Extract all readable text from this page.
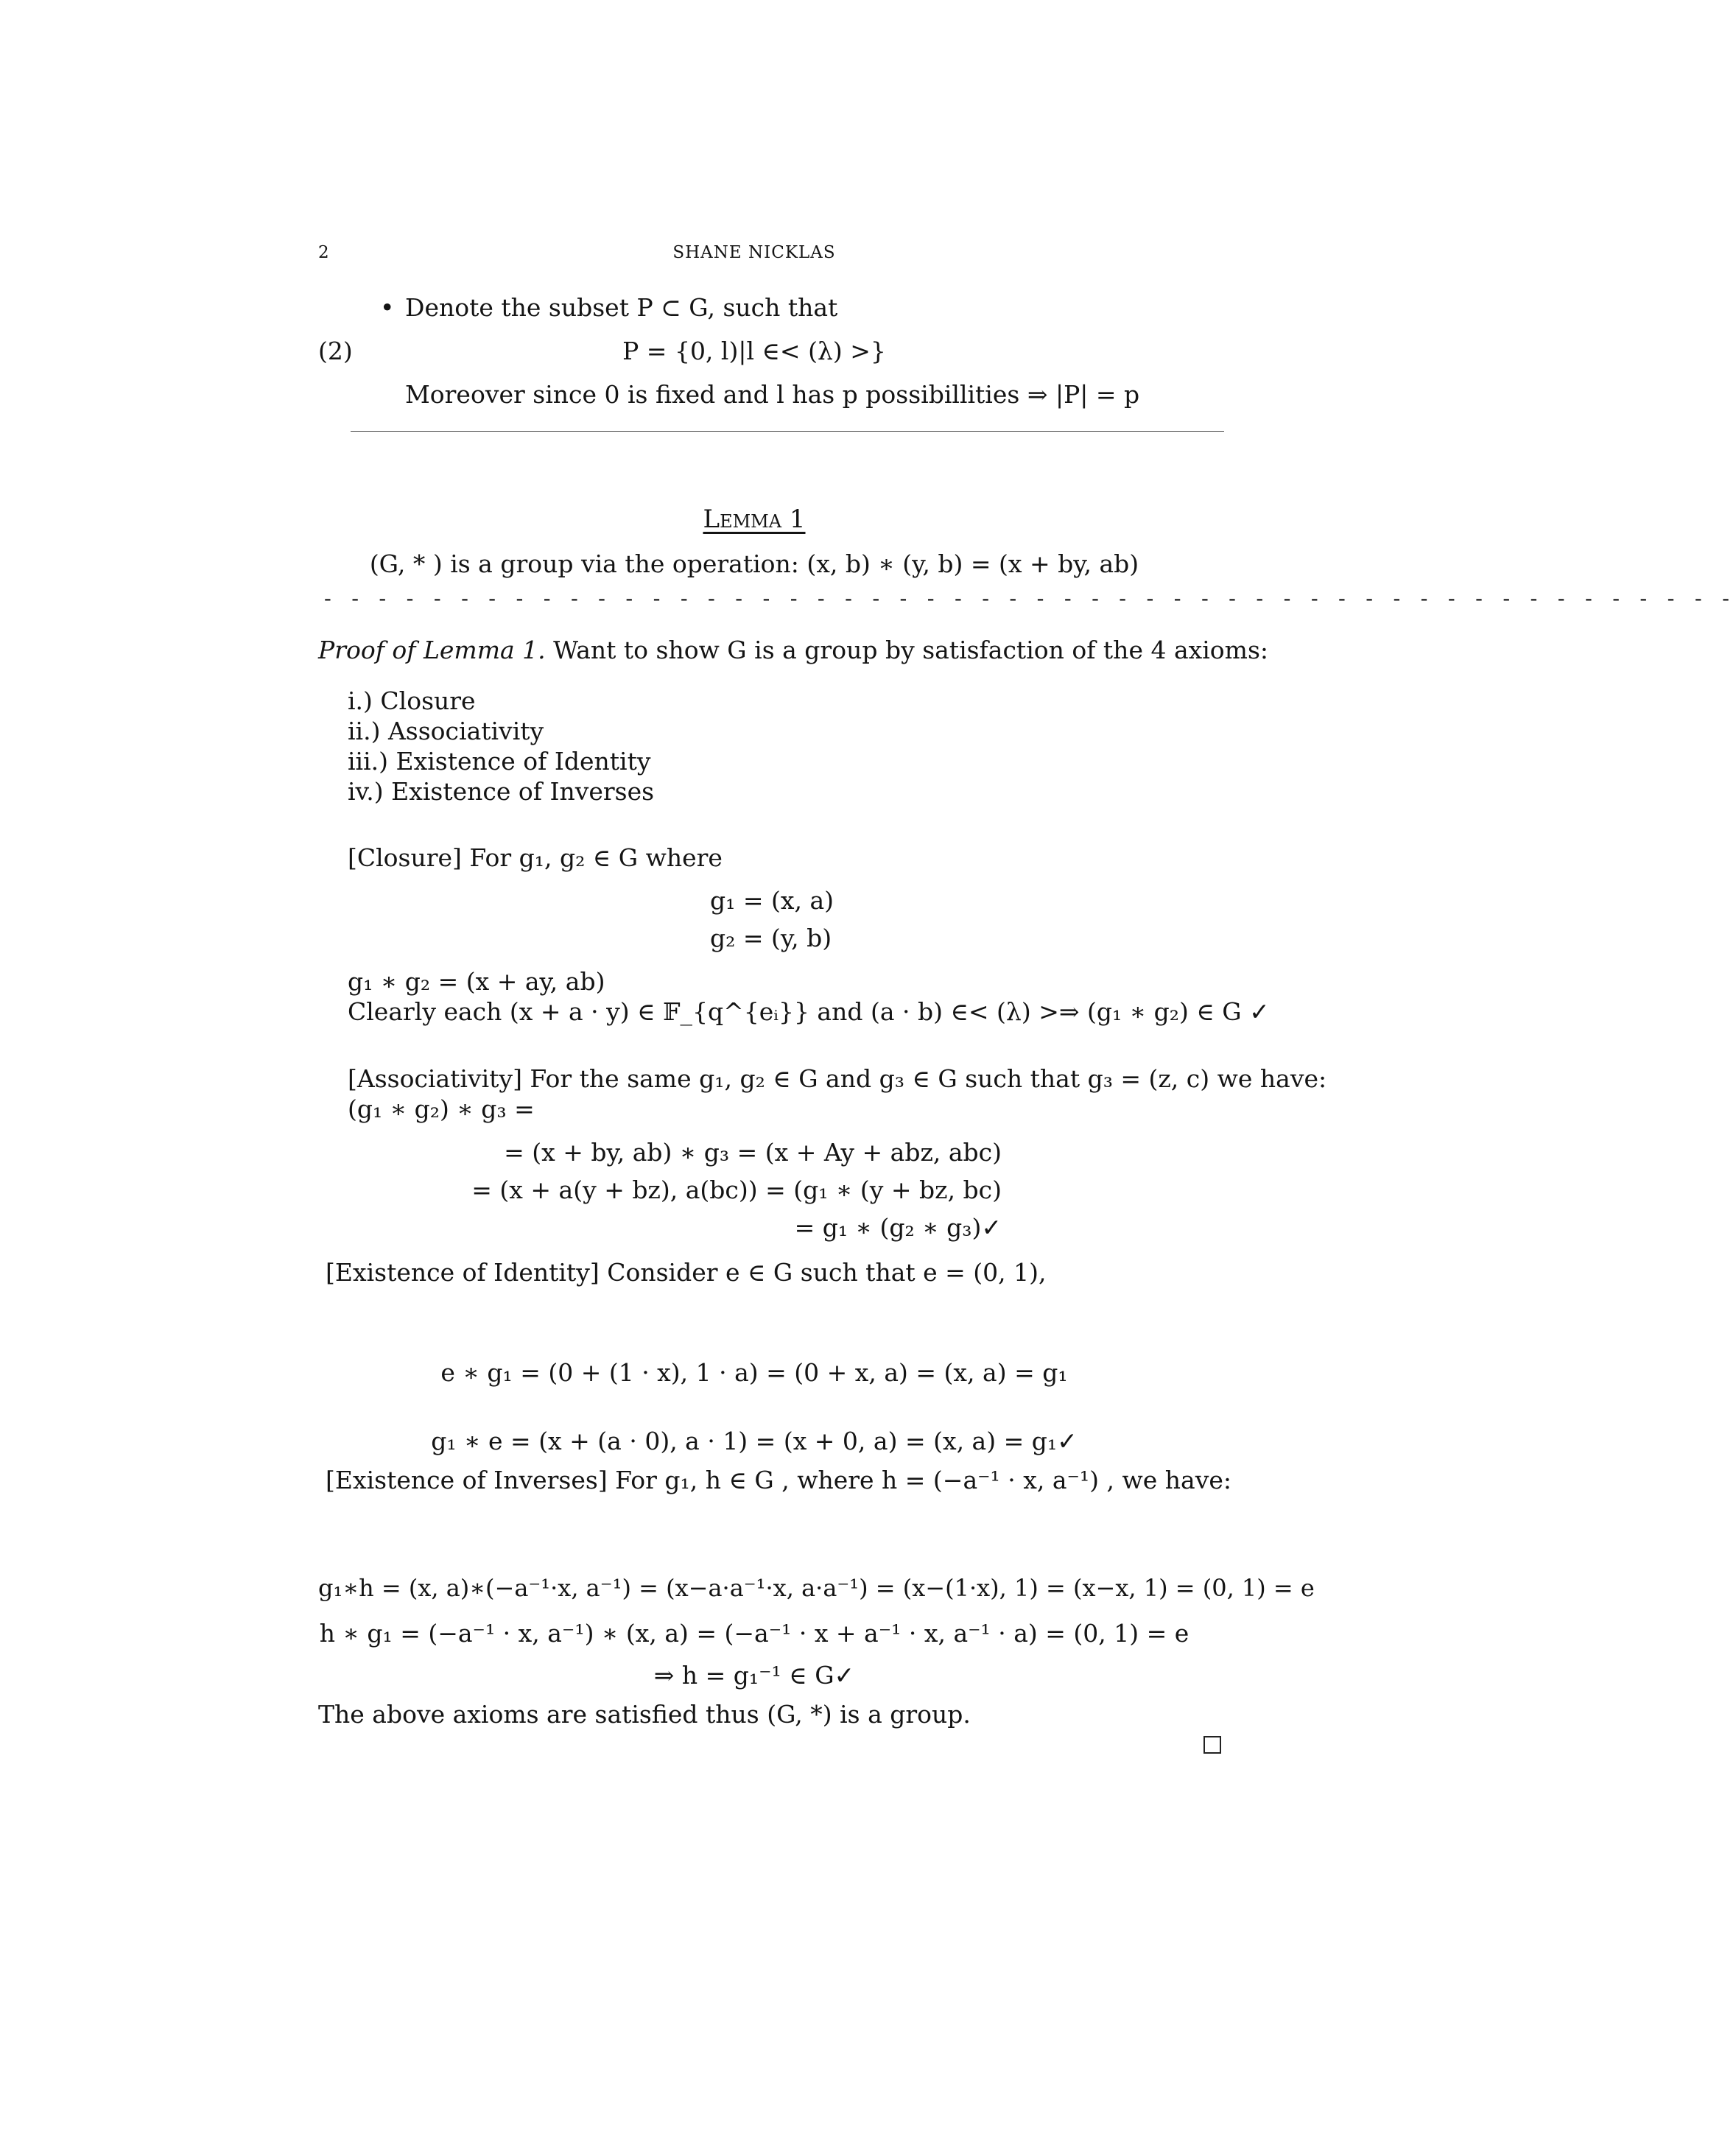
2	SHANE NICKLAS
• Denote the subset P ⊂ G, such that
(2)	P = {0, l)|l ∈< (λ) >}
Moreover since 0 is fixed and l has p possibillities ⇒ |P| = p
Lemma 1
(G, * ) is a group via the operation: (x, b) ∗ (y, b) = (x + by, ab)
- - - - - - - - - - - - - - - - - - - - - - - - - - - - - - - - - - - - - - - - - - - - - - - - - - - -
Proof of Lemma 1. Want to show G is a group by satisfaction of the 4 axioms:
i.) Closure
ii.) Associativity
iii.) Existence of Identity
iv.) Existence of Inverses
[Closure] For g₁, g₂ ∈ G where
g₁ = (x, a)
g₂ = (y, b)
g₁ ∗ g₂ = (x + ay, ab)
Clearly each (x + a · y) ∈ 𝔽_{q^{eᵢ}} and (a · b) ∈< (λ) >⇒ (g₁ ∗ g₂) ∈ G ✓
[Associativity] For the same g₁, g₂ ∈ G and g₃ ∈ G such that g₃ = (z, c) we have:
(g₁ ∗ g₂) ∗ g₃ =
= (x + by, ab) ∗ g₃ = (x + Ay + abz, abc)
= (x + a(y + bz), a(bc)) = (g₁ ∗ (y + bz, bc)
= g₁ ∗ (g₂ ∗ g₃)✓
[Existence of Identity] Consider e ∈ G such that e = (0, 1),
e ∗ g₁ = (0 + (1 · x), 1 · a) = (0 + x, a) = (x, a) = g₁
g₁ ∗ e = (x + (a · 0), a · 1) = (x + 0, a) = (x, a) = g₁✓
[Existence of Inverses] For g₁, h ∈ G , where h = (−a⁻¹ · x, a⁻¹) , we have:
g₁∗h = (x, a)∗(−a⁻¹·x, a⁻¹) = (x−a·a⁻¹·x, a·a⁻¹) = (x−(1·x), 1) = (x−x, 1) = (0, 1) = e
h ∗ g₁ = (−a⁻¹ · x, a⁻¹) ∗ (x, a) = (−a⁻¹ · x + a⁻¹ · x, a⁻¹ · a) = (0, 1) = e
⇒ h = g₁⁻¹ ∈ G✓
The above axioms are satisfied thus (G, *) is a group.
